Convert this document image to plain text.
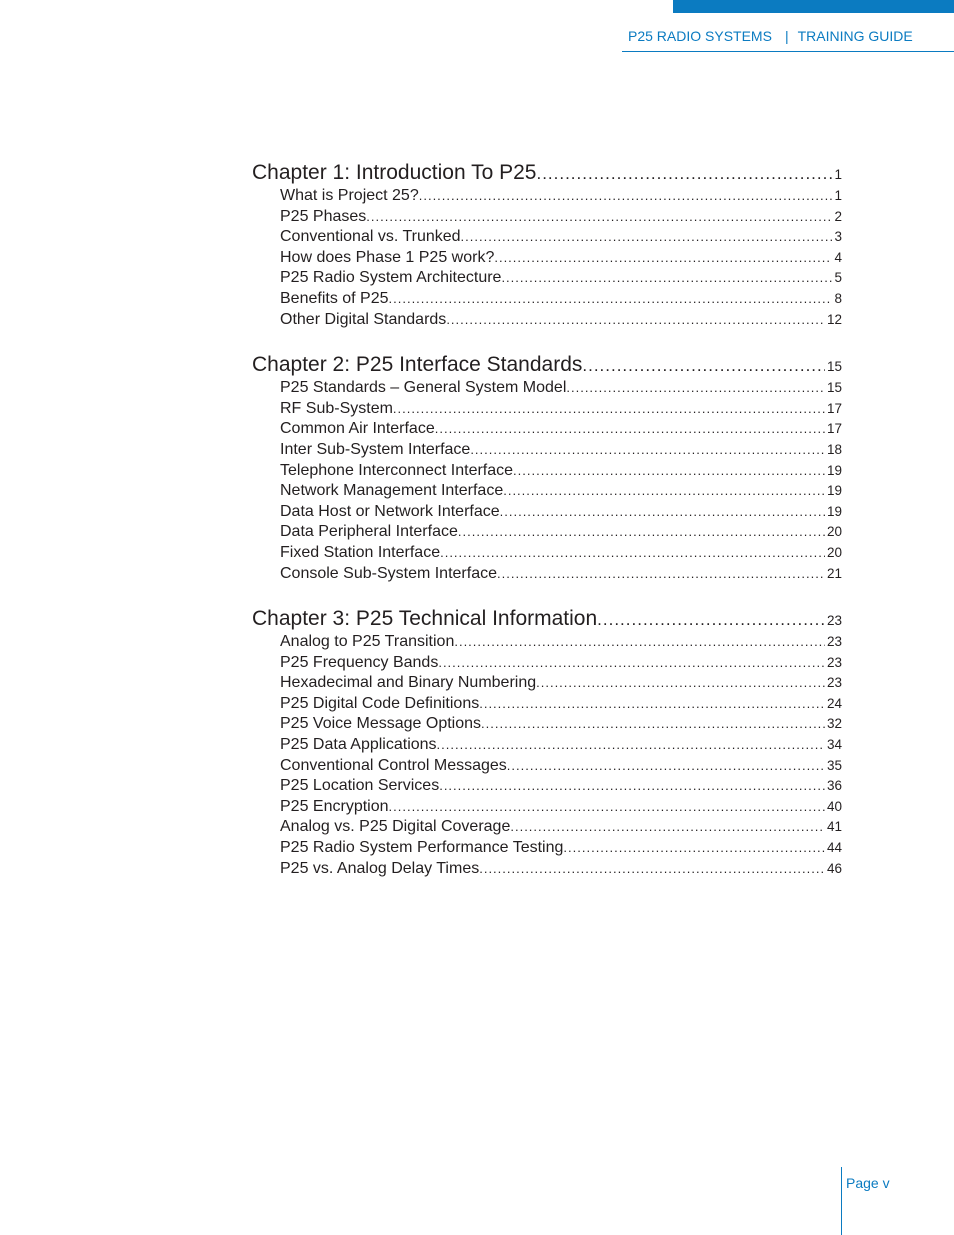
P25 RADIO SYSTEMS | TRAINING GUIDE
Chapter 1: Introduction To P25 .....	1
What is Project 25? .....	1
P25 Phases .....	2
Conventional vs. Trunked .....	3
How does Phase 1 P25 work? .....	4
P25 Radio System Architecture .....	5
Benefits of P25 .....	8
Other Digital Standards .....	12
Chapter 2: P25 Interface Standards .....	15
P25 Standards – General System Model .....	15
RF Sub-System .....	17
Common Air Interface .....	17
Inter Sub-System Interface .....	18
Telephone Interconnect Interface .....	19
Network Management Interface .....	19
Data Host or Network Interface .....	19
Data Peripheral Interface .....	20
Fixed Station Interface .....	20
Console Sub-System Interface .....	21
Chapter 3: P25 Technical Information .....	23
Analog to P25 Transition .....	23
P25 Frequency Bands .....	23
Hexadecimal and Binary Numbering .....	23
P25 Digital Code Definitions .....	24
P25 Voice Message Options .....	32
P25 Data Applications .....	34
Conventional Control Messages .....	35
P25 Location Services .....	36
P25 Encryption .....	40
Analog vs. P25 Digital Coverage .....	41
P25 Radio System Performance Testing .....	44
P25 vs. Analog Delay Times .....	46
Page v
